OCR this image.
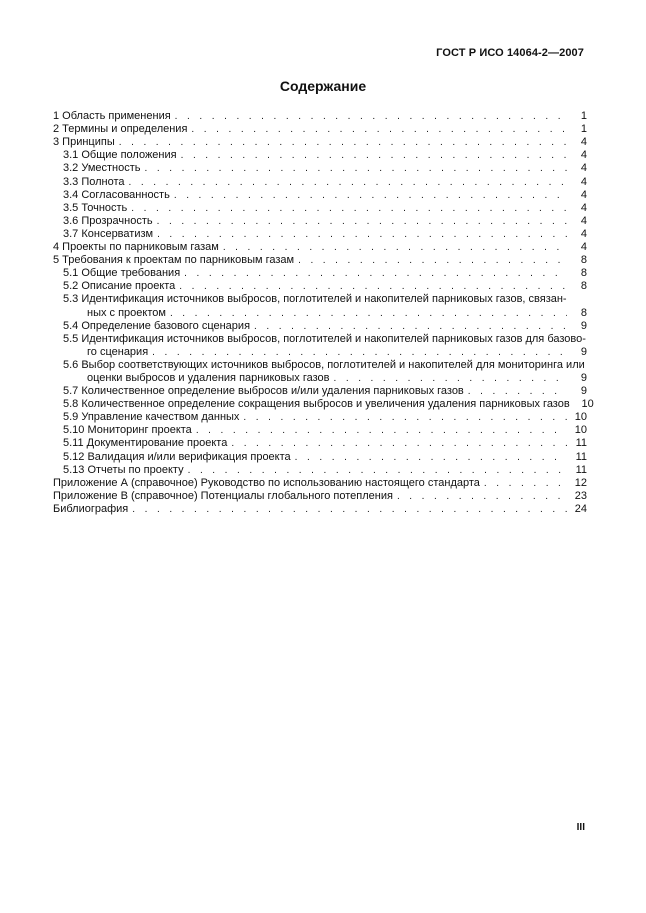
ГОСТ Р ИСО 14064-2—2007
Содержание
1 Область применения . . .	1
2 Термины и определения . . .	1
3 Принципы . . .	4
3.1 Общие положения . . .	4
3.2 Уместность . . .	4
3.3 Полнота . . .	4
3.4 Согласованность . . .	4
3.5 Точность . . .	4
3.6 Прозрачность . . .	4
3.7 Консерватизм . . .	4
4 Проекты по парниковым газам . . .	4
5 Требования к проектам по парниковым газам . . .	8
5.1 Общие требования . . .	8
5.2 Описание проекта . . .	8
5.3 Идентификация источников выбросов, поглотителей и накопителей парниковых газов, связан-
ных с проектом . . .	8
5.4 Определение базового сценария . . .	9
5.5 Идентификация источников выбросов, поглотителей и накопителей парниковых газов для базово-
го сценария . . .	9
5.6 Выбор соответствующих источников выбросов, поглотителей и накопителей для мониторинга или
оценки выбросов и удаления парниковых газов . . .	9
5.7 Количественное определение выбросов и/или удаления парниковых газов . . .	9
5.8 Количественное определение сокращения выбросов и увеличения удаления парниковых газов	10
5.9 Управление качеством данных . . .	10
5.10 Мониторинг проекта . . .	10
5.11 Документирование проекта . . .	11
5.12 Валидация и/или верификация проекта . . .	11
5.13 Отчеты по проекту . . .	11
Приложение А (справочное) Руководство по использованию настоящего стандарта . . .	12
Приложение В (справочное) Потенциалы глобального потепления . . .	23
Библиография . . .	24
III
